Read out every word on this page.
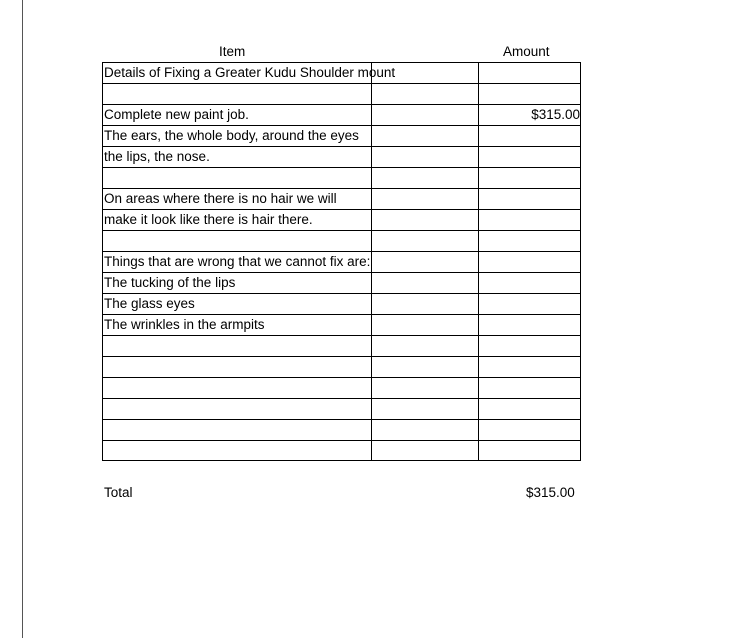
Item	Amount
Details of Fixing a Greater Kudu Shoulder mount
Complete new paint job.	$315.00
The ears, the whole body, around the eyes
the lips, the nose.
On areas where there is no hair we will
make it look like there is hair there.
Things that are wrong that we cannot fix are:
The tucking of the lips
The glass eyes
The wrinkles in the armpits
Total	$315.00
